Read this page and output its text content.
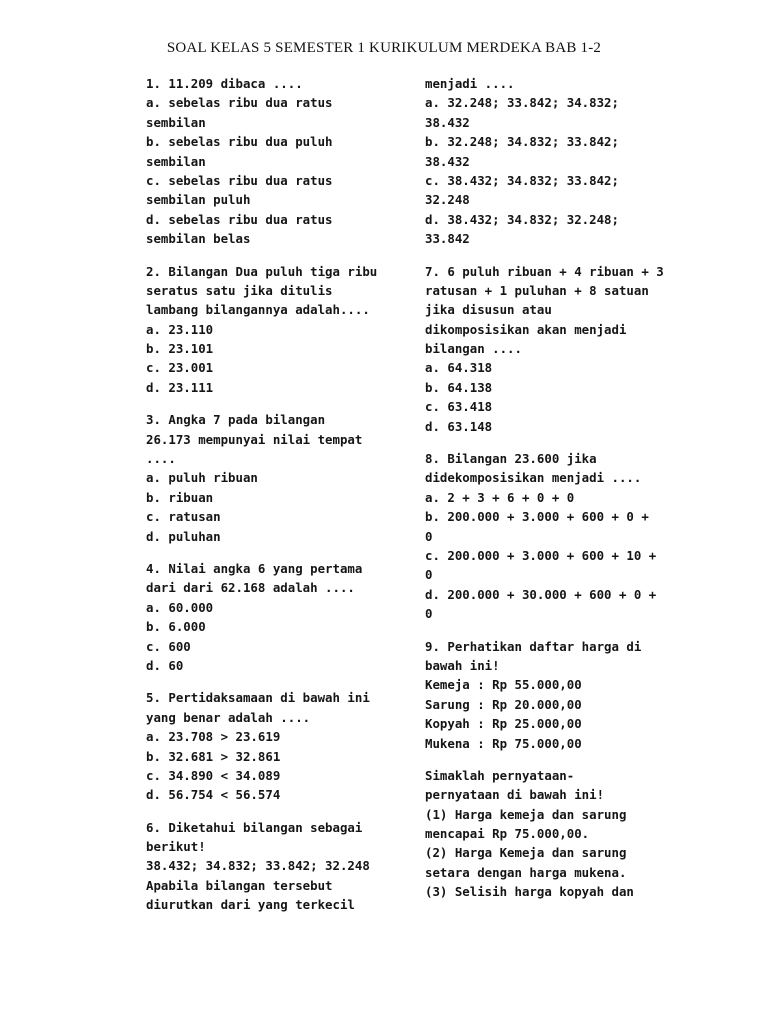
SOAL KELAS 5 SEMESTER 1 KURIKULUM MERDEKA BAB 1-2
1. 11.209 dibaca ....
a. sebelas ribu dua ratus
sembilan
b. sebelas ribu dua puluh
sembilan
c. sebelas ribu dua ratus
sembilan puluh
d. sebelas ribu dua ratus
sembilan belas
2. Bilangan Dua puluh tiga ribu
seratus satu jika ditulis
lambang bilangannya adalah....
a. 23.110
b. 23.101
c. 23.001
d. 23.111
3. Angka 7 pada bilangan
26.173 mempunyai nilai tempat
....
a. puluh ribuan
b. ribuan
c. ratusan
d. puluhan
4. Nilai angka 6 yang pertama
dari dari 62.168 adalah ....
a. 60.000
b. 6.000
c. 600
d. 60
5. Pertidaksamaan di bawah ini
yang benar adalah ....
a. 23.708 > 23.619
b. 32.681 > 32.861
c. 34.890 < 34.089
d. 56.754 < 56.574
6. Diketahui bilangan sebagai
berikut!
38.432; 34.832; 33.842; 32.248
Apabila bilangan tersebut
diurutkan dari yang terkecil
menjadi ....
a. 32.248; 33.842; 34.832;
38.432
b. 32.248; 34.832; 33.842;
38.432
c. 38.432; 34.832; 33.842;
32.248
d. 38.432; 34.832; 32.248;
33.842
7. 6 puluh ribuan + 4 ribuan + 3
ratusan + 1 puluhan + 8 satuan
jika disusun atau
dikomposisikan akan menjadi
bilangan ....
a. 64.318
b. 64.138
c. 63.418
d. 63.148
8. Bilangan 23.600 jika
didekomposisikan menjadi ....
a. 2 + 3 + 6 + 0 + 0
b. 200.000 + 3.000 + 600 + 0 +
0
c. 200.000 + 3.000 + 600 + 10 +
0
d. 200.000 + 30.000 + 600 + 0 +
0
9. Perhatikan daftar harga di
bawah ini!
Kemeja : Rp 55.000,00
Sarung : Rp 20.000,00
Kopyah : Rp 25.000,00
Mukena : Rp 75.000,00
Simaklah pernyataan-
pernyataan di bawah ini!
(1) Harga kemeja dan sarung
mencapai Rp 75.000,00.
(2) Harga Kemeja dan sarung
setara dengan harga mukena.
(3) Selisih harga kopyah dan
